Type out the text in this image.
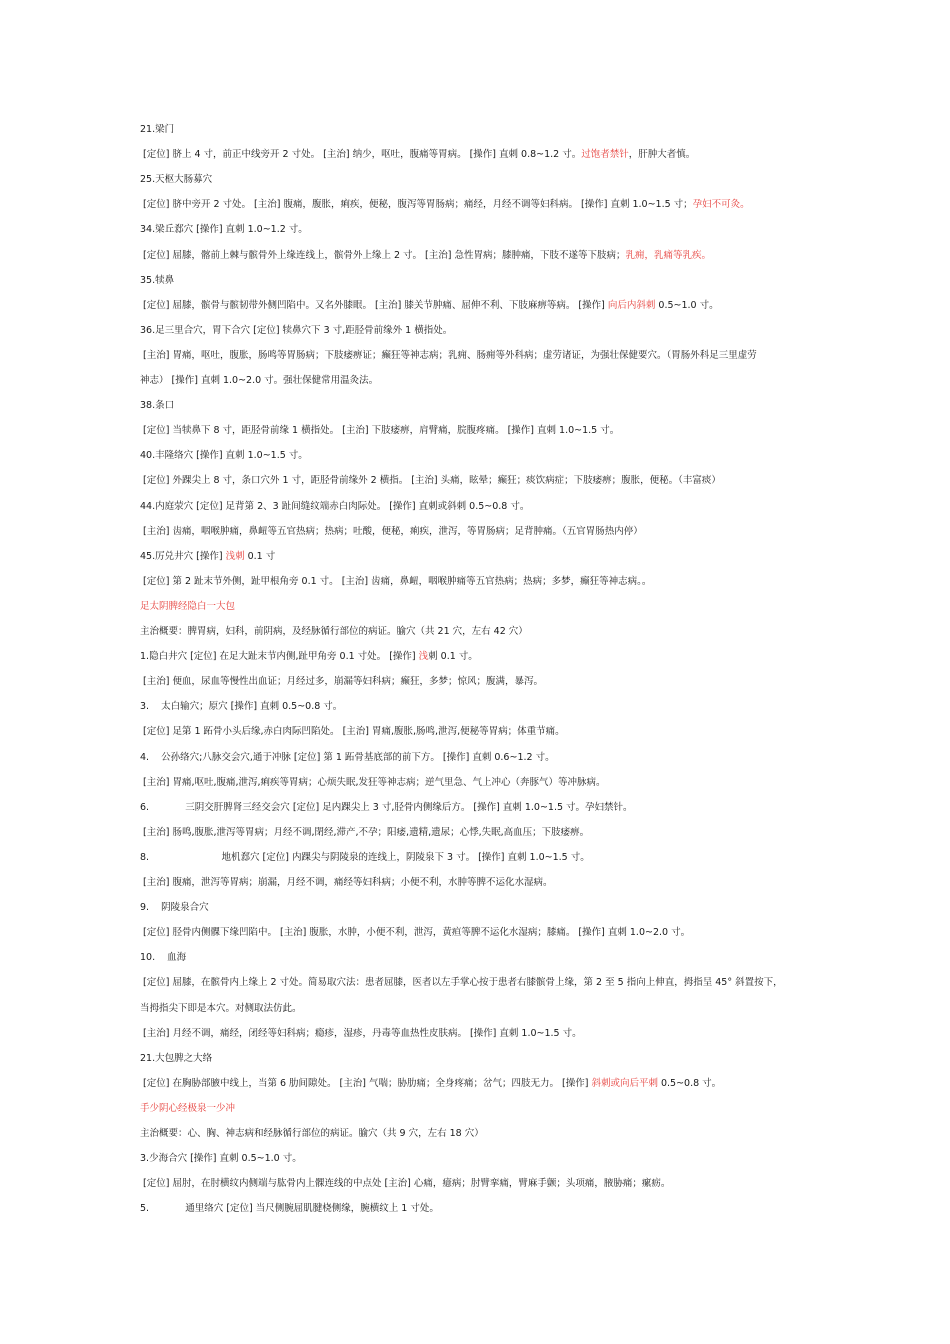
21.梁门
[定位] 脐上 4 寸，前正中线旁开 2 寸处。 [主治] 纳少，呕吐，腹痛等胃病。 [操作] 直刺 0.8~1.2 寸。过饱者禁针，肝肿大者慎。
25.天枢大肠募穴
[定位] 脐中旁开 2 寸处。 [主治] 腹痛，腹胀，痢疾，便秘，腹泻等胃肠病；痛经，月经不调等妇科病。 [操作] 直刺 1.0~1.5 寸；孕妇不可灸。
34.梁丘郄穴 [操作] 直刺 1.0~1.2 寸。
[定位] 屈膝，髂前上棘与髌骨外上缘连线上，髌骨外上缘上 2 寸。 [主治] 急性胃病；膝肿痛，下肢不遂等下肢病；乳痈，乳痛等乳疾。
35.犊鼻
[定位] 屈膝，髌骨与髌韧带外侧凹陷中。又名外膝眼。 [主治] 膝关节肿痛、屈伸不利、下肢麻痹等病。 [操作] 向后内斜刺 0.5~1.0 寸。
36.足三里合穴，胃下合穴 [定位] 犊鼻穴下 3 寸,距胫骨前缘外 1 横指处。
[主治] 胃痛，呕吐，腹胀，肠鸣等胃肠病；下肢痿痹证；癫狂等神志病；乳痈、肠痈等外科病；虚劳诸证，为强壮保健要穴。（胃肠外科足三里虚劳
神志） [操作] 直刺 1.0~2.0 寸。强壮保健常用温灸法。
38.条口
[定位] 当犊鼻下 8 寸，距胫骨前缘 1 横指处。 [主治] 下肢痿痹，肩臂痛，脘腹疼痛。 [操作] 直刺 1.0~1.5 寸。
40.丰隆络穴 [操作] 直刺 1.0~1.5 寸。
[定位] 外踝尖上 8 寸，条口穴外 1 寸，距胫骨前缘外 2 横指。 [主治] 头痛，眩晕；癫狂；痰饮病症；下肢痿痹；腹胀，便秘。（丰富痰）
44.内庭荥穴 [定位] 足背第 2、3 趾间缝纹端赤白肉际处。 [操作] 直刺或斜刺 0.5~0.8 寸。
[主治] 齿痛，咽喉肿痛，鼻衄等五官热病；热病；吐酸，便秘，痢疾，泄泻，等胃肠病；足背肿痛。（五官胃肠热内停）
45.厉兑井穴 [操作] 浅刺 0.1 寸
[定位] 第 2 趾末节外侧，趾甲根角旁 0.1 寸。 [主治] 齿痛，鼻衄，咽喉肿痛等五官热病；热病；多梦，癫狂等神志病。。
足太阴脾经隐白一大包
主治概要：脾胃病，妇科，前阴病，及经脉循行部位的病证。腧穴（共 21 穴，左右 42 穴）
1.隐白井穴 [定位] 在足大趾末节内侧,趾甲角旁 0.1 寸处。 [操作] 浅刺 0.1 寸。
[主治] 便血，尿血等慢性出血证；月经过多，崩漏等妇科病；癫狂，多梦；惊风；腹满，暴泻。
3.    太白输穴；原穴 [操作] 直刺 0.5~0.8 寸。
[定位] 足第 1 跖骨小头后缘,赤白肉际凹陷处。 [主治] 胃痛,腹胀,肠鸣,泄泻,便秘等胃病；体重节痛。
4.    公孙络穴;八脉交会穴,通于冲脉 [定位] 第 1 跖骨基底部的前下方。 [操作] 直刺 0.6~1.2 寸。
[主治] 胃痛,呕吐,腹痛,泄泻,痢疾等胃病；心烦失眠,发狂等神志病；逆气里急、气上冲心（奔豚气）等冲脉病。
6.            三阴交肝脾肾三经交会穴 [定位] 足内踝尖上 3 寸,胫骨内侧缘后方。 [操作] 直刺 1.0~1.5 寸。孕妇禁针。
[主治] 肠鸣,腹胀,泄泻等胃病；月经不调,閉经,滞产,不孕；阳痿,遗精,遗尿；心悸,失眠,高血压；下肢痿痹。
8.                        地机郄穴 [定位] 内踝尖与阴陵泉的连线上，阴陵泉下 3 寸。 [操作] 直刺 1.0~1.5 寸。
[主治] 腹痛，泄泻等胃病；崩漏，月经不调，痛经等妇科病；小便不利，水肿等脾不运化水湿病。
9.    阴陵泉合穴
[定位] 胫骨内侧髁下缘凹陷中。 [主治] 腹胀，水肿，小便不利，泄泻，黄疸等脾不运化水湿病；膝痛。 [操作] 直刺 1.0~2.0 寸。
10.    血海
[定位] 屈膝，在髌骨内上缘上 2 寸处。简易取穴法：患者屈膝，医者以左手掌心按于患者右膝髌骨上缘，第 2 至 5 指向上伸直，拇指呈 45° 斜置按下，
当拇指尖下即是本穴。对侧取法仿此。
[主治] 月经不调，痛经，闭经等妇科病；瘾疹，湿疹，丹毒等血热性皮肤病。 [操作] 直刺 1.0~1.5 寸。
21.大包脾之大络
[定位] 在胸胁部腋中线上，当第 6 肋间隙处。 [主治] 气喘；胁肋痛；全身疼痛；岔气；四肢无力。 [操作] 斜刺或向后平刺 0.5~0.8 寸。
手少阴心经极泉一少冲
主治概要：心、胸、神志病和经脉循行部位的病证。腧穴（共 9 穴，左右 18 穴）
3.少海合穴 [操作] 直刺 0.5~1.0 寸。
[定位] 屈肘，在肘横纹内侧端与肱骨内上髁连线的中点处 [主治] 心痛，癔病；肘臂挛痛，臂麻手颤；头项痛，腋胁痛；瘰疬。
5.            通里络穴 [定位] 当尺侧腕屈肌腱桡侧缘，腕横纹上 1 寸处。
